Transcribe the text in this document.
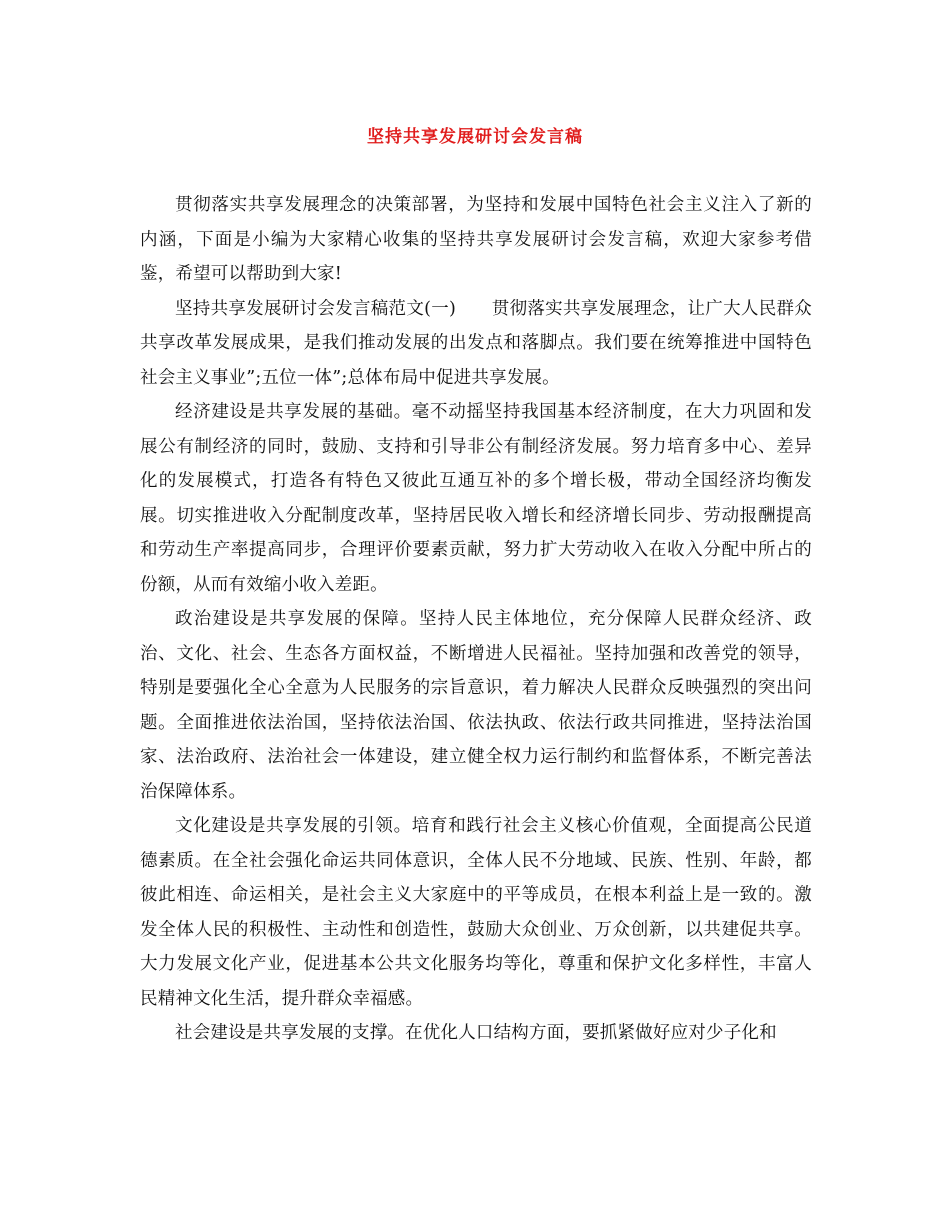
坚持共享发展研讨会发言稿

贯彻落实共享发展理念的决策部署，为坚持和发展中国特色社会主义注入了新的内涵，下面是小编为大家精心收集的坚持共享发展研讨会发言稿，欢迎大家参考借鉴，希望可以帮助到大家!

坚持共享发展研讨会发言稿范文(一)　　贯彻落实共享发展理念，让广大人民群众共享改革发展成果，是我们推动发展的出发点和落脚点。我们要在统筹推进中国特色社会主义事业”;五位一体”;总体布局中促进共享发展。

经济建设是共享发展的基础。毫不动摇坚持我国基本经济制度，在大力巩固和发展公有制经济的同时，鼓励、支持和引导非公有制经济发展。努力培育多中心、差异化的发展模式，打造各有特色又彼此互通互补的多个增长极，带动全国经济均衡发展。切实推进收入分配制度改革，坚持居民收入增长和经济增长同步、劳动报酬提高和劳动生产率提高同步，合理评价要素贡献，努力扩大劳动收入在收入分配中所占的份额，从而有效缩小收入差距。

政治建设是共享发展的保障。坚持人民主体地位，充分保障人民群众经济、政治、文化、社会、生态各方面权益，不断增进人民福祉。坚持加强和改善党的领导，特别是要强化全心全意为人民服务的宗旨意识，着力解决人民群众反映强烈的突出问题。全面推进依法治国，坚持依法治国、依法执政、依法行政共同推进，坚持法治国家、法治政府、法治社会一体建设，建立健全权力运行制约和监督体系，不断完善法治保障体系。

文化建设是共享发展的引领。培育和践行社会主义核心价值观，全面提高公民道德素质。在全社会强化命运共同体意识，全体人民不分地域、民族、性别、年龄，都彼此相连、命运相关，是社会主义大家庭中的平等成员，在根本利益上是一致的。激发全体人民的积极性、主动性和创造性，鼓励大众创业、万众创新，以共建促共享。大力发展文化产业，促进基本公共文化服务均等化，尊重和保护文化多样性，丰富人民精神文化生活，提升群众幸福感。

社会建设是共享发展的支撑。在优化人口结构方面，要抓紧做好应对少子化和
